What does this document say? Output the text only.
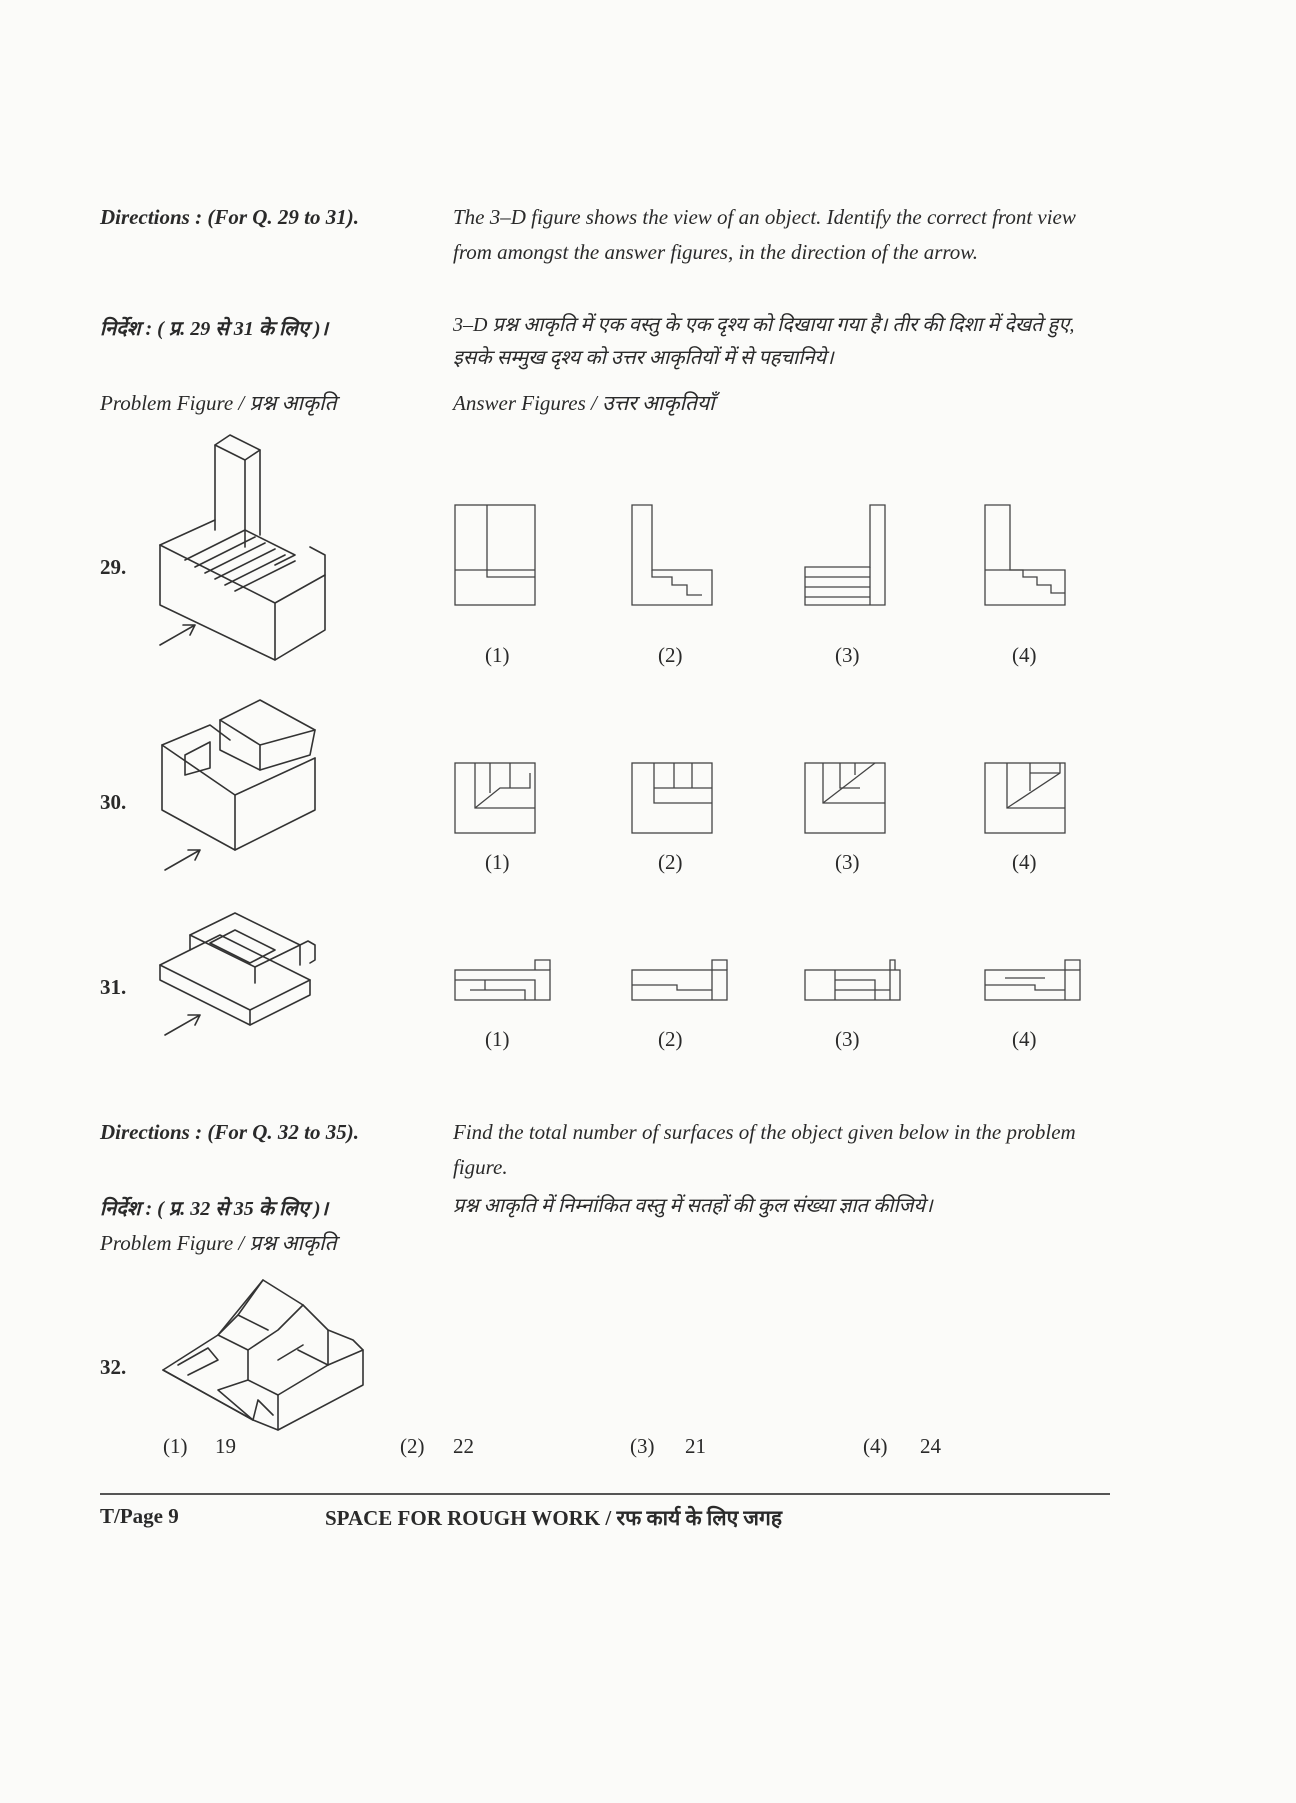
Directions : (For Q. 29 to 31).	The 3–D figure shows the view of an object. Identify the correct front view from amongst the answer figures, in the direction of the arrow.
निर्देश : ( प्र. 29 से 31 के लिए )।	3–D प्रश्न आकृति में एक वस्तु के एक दृश्य को दिखाया गया है। तीर की दिशा में देखते हुए, इसके सम्मुख दृश्य को उत्तर आकृतियों में से पहचानिये।
Problem Figure / प्रश्न आकृति	Answer Figures / उत्तर आकृतियाँ
29.
(1)	(2)	(3)	(4)
30.
(1)	(2)	(3)	(4)
31.
(1)	(2)	(3)	(4)
Directions : (For Q. 32 to 35).	Find the total number of surfaces of the object given below in the problem figure.
निर्देश : ( प्र. 32 से 35 के लिए )।	प्रश्न आकृति में निम्नांकित वस्तु में सतहों की कुल संख्या ज्ञात कीजिये।
Problem Figure / प्रश्न आकृति
32.
(1) 19	(2) 22	(3) 21	(4) 24
T/Page 9	SPACE FOR ROUGH WORK / रफ कार्य के लिए जगह
